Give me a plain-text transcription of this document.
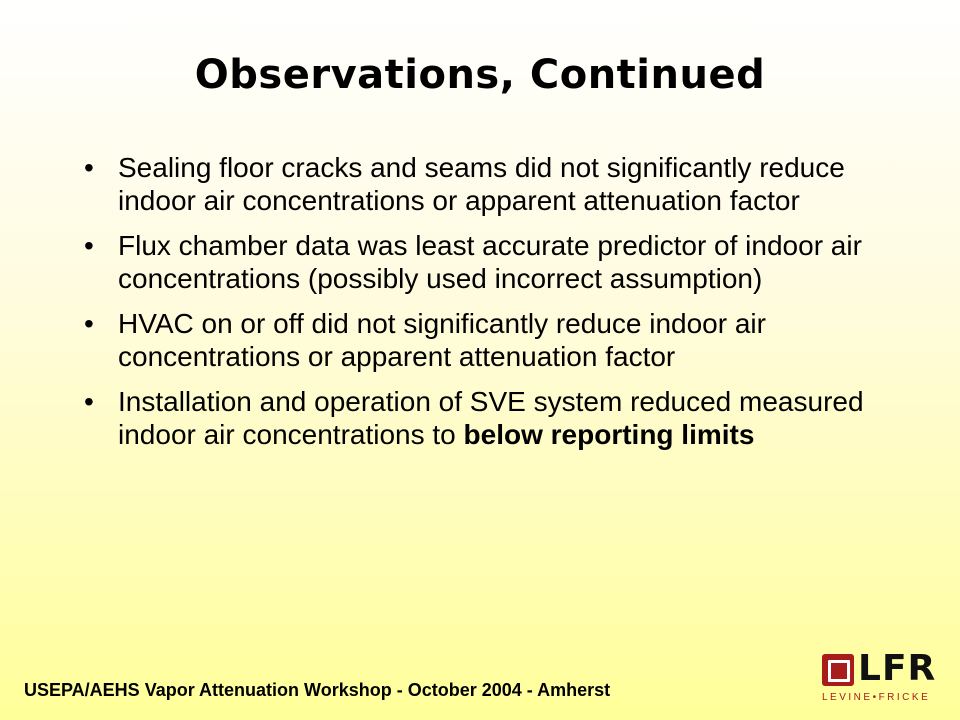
Observations, Continued
• Sealing floor cracks and seams did not significantly reduce indoor air concentrations or apparent attenuation factor
• Flux chamber data was least accurate predictor of indoor air concentrations (possibly used incorrect assumption)
• HVAC on or off did not significantly reduce indoor air concentrations or apparent attenuation factor
• Installation and operation of SVE system reduced measured indoor air concentrations to below reporting limits
USEPA/AEHS Vapor Attenuation Workshop - October 2004 - Amherst
LFR
LEVINE•FRICKE
